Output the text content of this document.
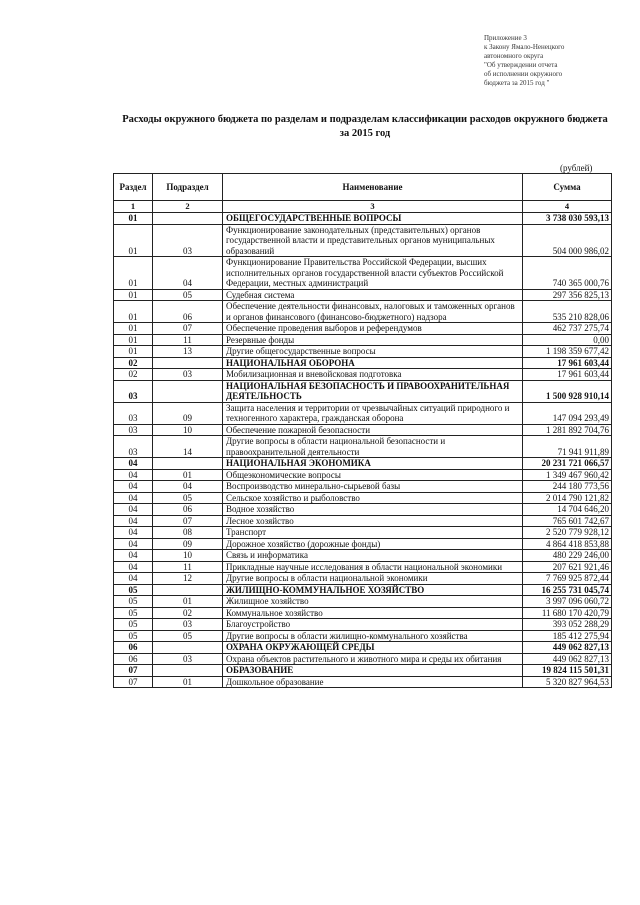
Приложение 3
к Закону Ямало-Ненецкого
автономного округа
"Об утверждении отчета
об исполнении окружного
бюджета за 2015 год "
Расходы окружного бюджета по разделам и подразделам классификации расходов окружного бюджета
за 2015 год
(рублей)
Раздел	Подраздел	Наименование	Сумма
1	2	3	4
01		ОБЩЕГОСУДАРСТВЕННЫЕ ВОПРОСЫ	3 738 030 593,13
01	03	Функционирование законодательных (представительных) органов государственной власти и представительных органов муниципальных образований	504 000 986,02
01	04	Функционирование Правительства Российской Федерации, высших исполнительных органов государственной власти субъектов Российской Федерации, местных администраций	740 365 000,76
01	05	Судебная система	297 356 825,13
01	06	Обеспечение деятельности финансовых, налоговых и таможенных органов и органов финансового (финансово-бюджетного) надзора	535 210 828,06
01	07	Обеспечение проведения выборов и референдумов	462 737 275,74
01	11	Резервные фонды	0,00
01	13	Другие общегосударственные вопросы	1 198 359 677,42
02		НАЦИОНАЛЬНАЯ ОБОРОНА	17 961 603,44
02	03	Мобилизационная и вневойсковая подготовка	17 961 603,44
03		НАЦИОНАЛЬНАЯ БЕЗОПАСНОСТЬ И ПРАВООХРАНИТЕЛЬНАЯ ДЕЯТЕЛЬНОСТЬ	1 500 928 910,14
03	09	Защита населения и территории от чрезвычайных ситуаций природного и техногенного характера, гражданская оборона	147 094 293,49
03	10	Обеспечение пожарной безопасности	1 281 892 704,76
03	14	Другие вопросы в области национальной безопасности и правоохранительной деятельности	71 941 911,89
04		НАЦИОНАЛЬНАЯ ЭКОНОМИКА	20 231 721 066,57
04	01	Общеэкономические вопросы	1 349 467 960,42
04	04	Воспроизводство минерально-сырьевой базы	244 180 773,56
04	05	Сельское хозяйство и рыболовство	2 014 790 121,82
04	06	Водное хозяйство	14 704 646,20
04	07	Лесное хозяйство	765 601 742,67
04	08	Транспорт	2 520 779 928,12
04	09	Дорожное хозяйство (дорожные фонды)	4 864 418 853,88
04	10	Связь и информатика	480 229 246,00
04	11	Прикладные научные исследования в области национальной экономики	207 621 921,46
04	12	Другие вопросы в области национальной экономики	7 769 925 872,44
05		ЖИЛИЩНО-КОММУНАЛЬНОЕ ХОЗЯЙСТВО	16 255 731 045,74
05	01	Жилищное хозяйство	3 997 096 060,72
05	02	Коммунальное хозяйство	11 680 170 420,79
05	03	Благоустройство	393 052 288,29
05	05	Другие вопросы в области жилищно-коммунального хозяйства	185 412 275,94
06		ОХРАНА ОКРУЖАЮЩЕЙ СРЕДЫ	449 062 827,13
06	03	Охрана объектов растительного и животного мира и среды их обитания	449 062 827,13
07		ОБРАЗОВАНИЕ	19 824 115 501,31
07	01	Дошкольное образование	5 320 827 964,53
